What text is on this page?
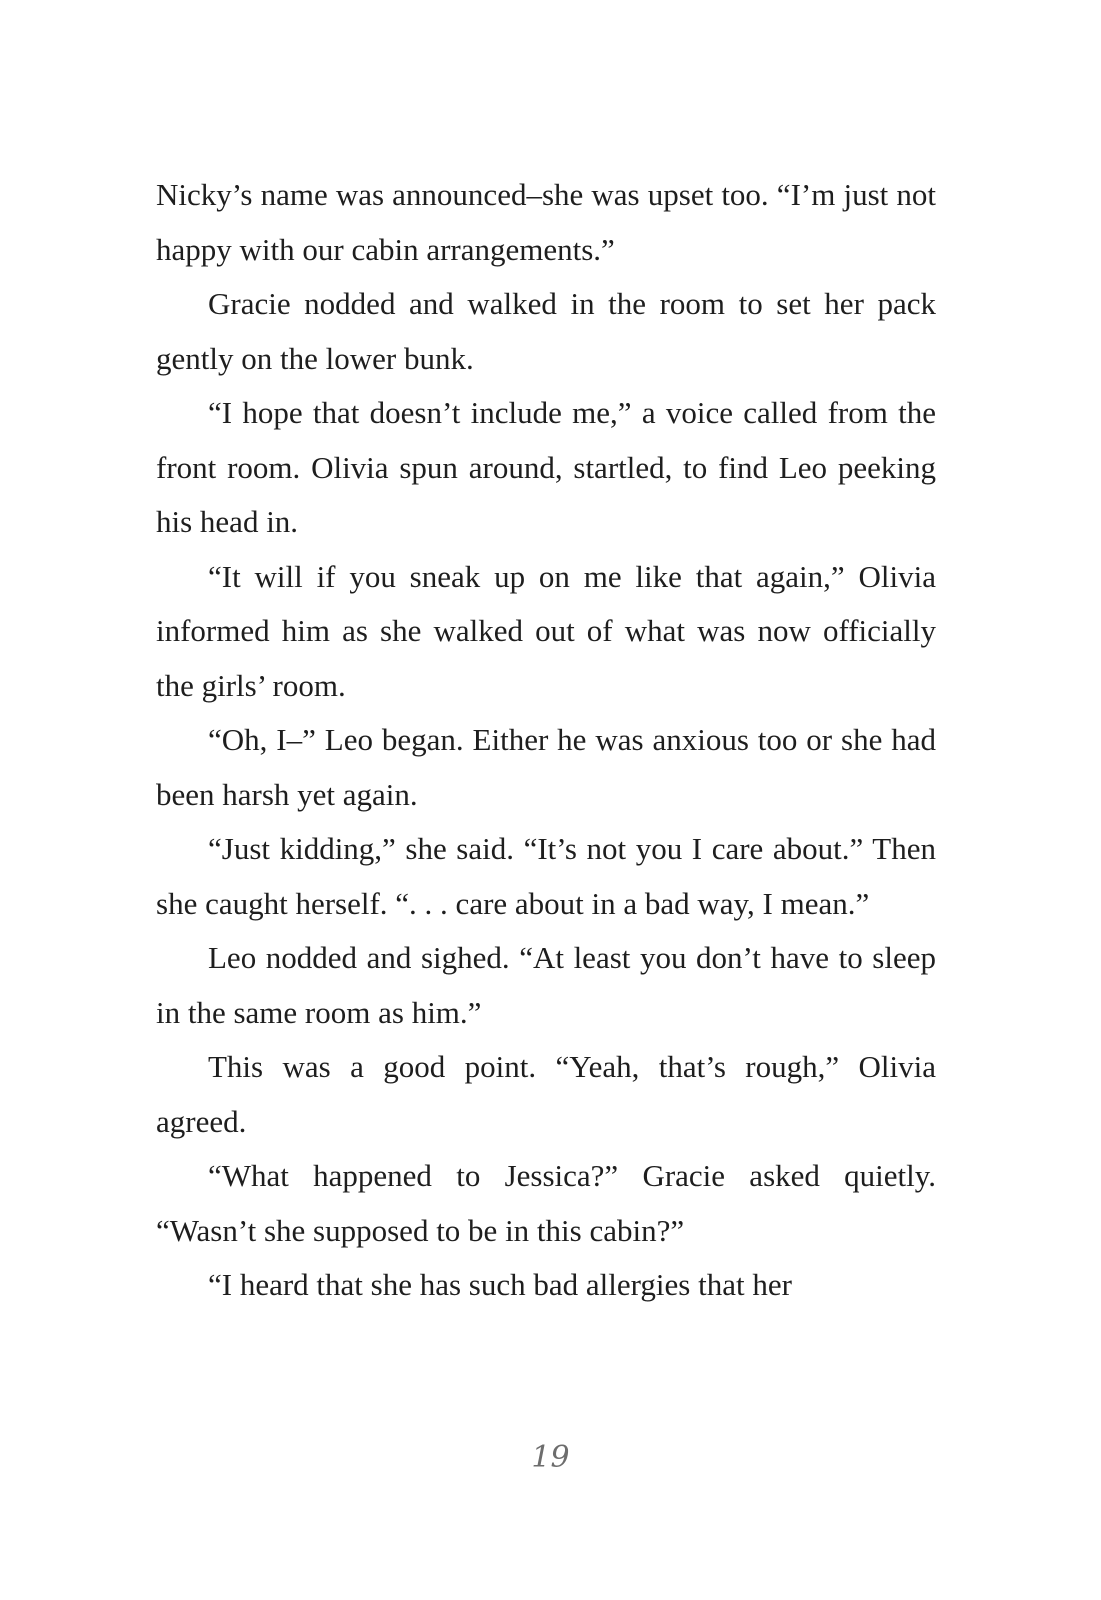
Nicky’s name was announced–she was upset too. “I’m just not happy with our cabin arrangements.”

Gracie nodded and walked in the room to set her pack gently on the lower bunk.

“I hope that doesn’t include me,” a voice called from the front room. Olivia spun around, startled, to find Leo peeking his head in.

“It will if you sneak up on me like that again,” Olivia informed him as she walked out of what was now officially the girls’ room.

“Oh, I–” Leo began. Either he was anxious too or she had been harsh yet again.

“Just kidding,” she said. “It’s not you I care about.” Then she caught herself. “. . . care about in a bad way, I mean.”

Leo nodded and sighed. “At least you don’t have to sleep in the same room as him.”

This was a good point. “Yeah, that’s rough,” Olivia agreed.

“What happened to Jessica?” Gracie asked quietly. “Wasn’t she supposed to be in this cabin?”

“I heard that she has such bad allergies that her

19
